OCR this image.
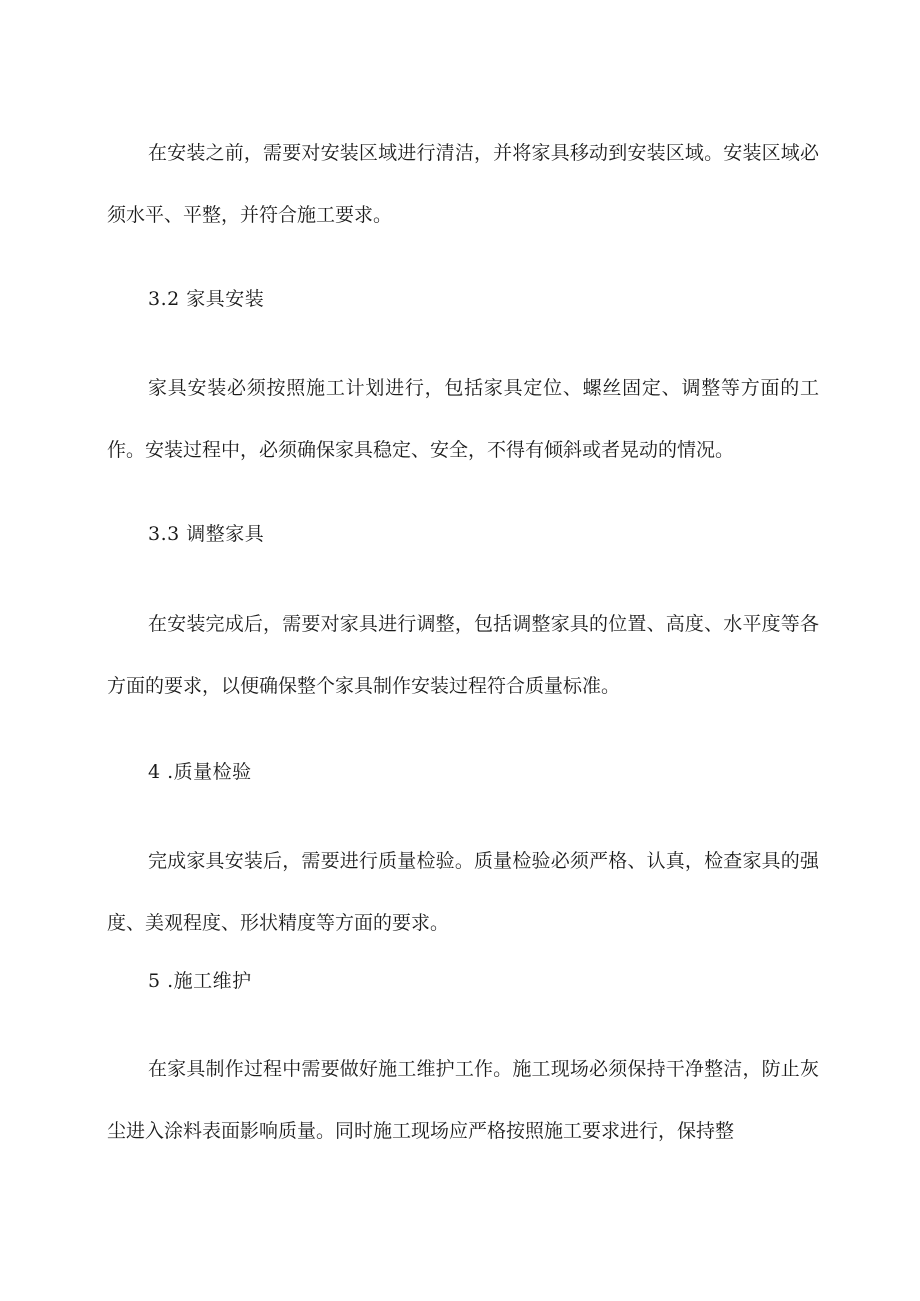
在安装之前，需要对安装区域进行清洁，并将家具移动到安装区域。安装区域必须水平、平整，并符合施工要求。

3.2 家具安装

家具安装必须按照施工计划进行，包括家具定位、螺丝固定、调整等方面的工作。安装过程中，必须确保家具稳定、安全，不得有倾斜或者晃动的情况。

3.3 调整家具

在安装完成后，需要对家具进行调整，包括调整家具的位置、高度、水平度等各方面的要求，以便确保整个家具制作安装过程符合质量标准。

4 .质量检验

完成家具安装后，需要进行质量检验。质量检验必须严格、认真，检查家具的强度、美观程度、形状精度等方面的要求。

5 .施工维护

在家具制作过程中需要做好施工维护工作。施工现场必须保持干净整洁，防止灰尘进入涂料表面影响质量。同时施工现场应严格按照施工要求进行，保持整
